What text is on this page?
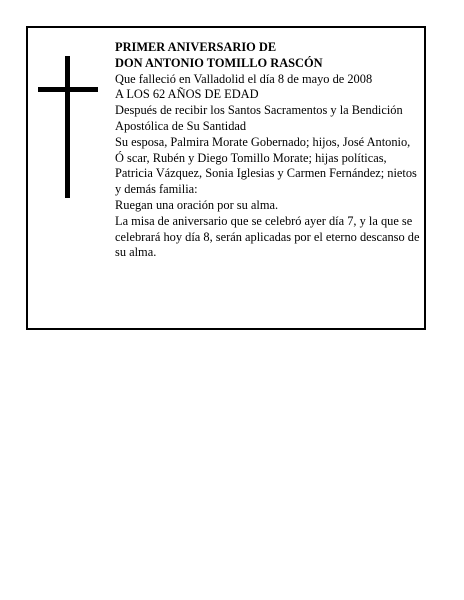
PRIMER ANIVERSARIO DE

DON ANTONIO TOMILLO RASCÓN

Que falleció en Valladolid el día 8 de mayo de 2008

A LOS 62 AÑOS DE EDAD

Después de recibir los Santos Sacramentos y la Bendición Apostólica de Su Santidad

Su esposa, Palmira Morate Gobernado; hijos, José Antonio, Ó scar, Rubén y Diego Tomillo Morate; hijas políticas, Patricia Vázquez, Sonia Iglesias y Carmen Fernández; nietos y demás familia:

Ruegan una oración por su alma.

La misa de aniversario que se celebró ayer día 7, y la que se celebrará hoy día 8, serán aplicadas por el eterno descanso de su alma.
